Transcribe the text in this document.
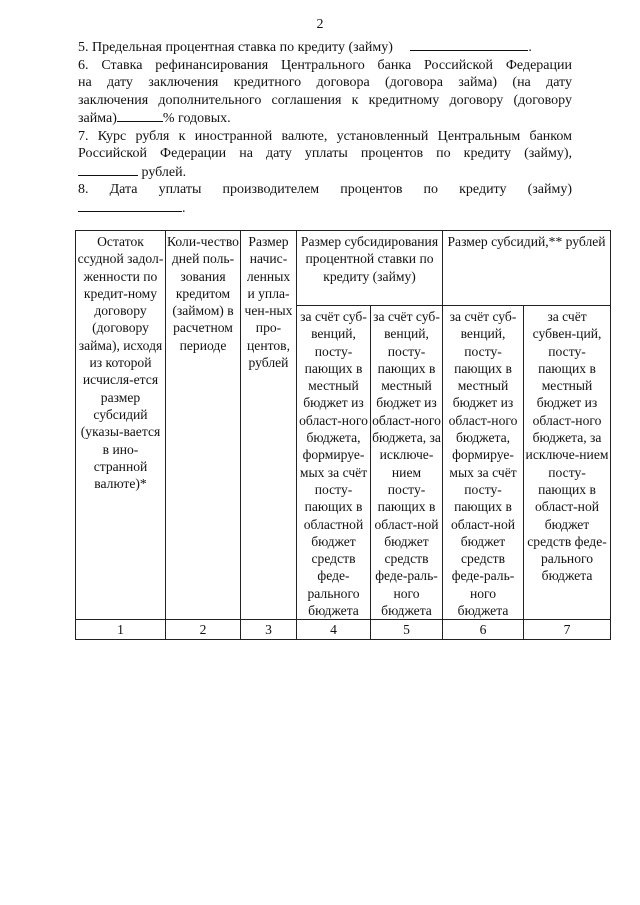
2

5. Предельная процентная ставка по кредиту (займу)	.

6. Ставка рефинансирования Центрального банка Российской Федерации

на дату заключения кредитного договора (договора займа) (на дату

заключения дополнительного соглашения к кредитному договору (договору

займа)	% годовых.

7. Курс рубля к иностранной валюте, установленный Центральным банком

Российской Федерации на дату уплаты процентов по кредиту (займу),

рублей.

8. Дата уплаты производителем процентов по кредиту (займу)

.

Остаток ссудной задол-женности по кредит-ному договору (договору займа), исходя из которой исчисля-ется размер субсидий (указы-вается в ино-странной валюте)*	Коли-чество дней поль-зования кредитом (займом) в расчетном периоде	Размер начис-ленных и упла-чен-ных про-центов, рублей	Размер субсидирования процентной ставки по кредиту (займу)		Размер субсидий,** рублей	
			за счёт суб-венций, посту-пающих в местный бюджет из област-ного бюджета, формируе-мых за счёт посту-пающих в областной бюджет средств феде-рального бюджета	за счёт суб-венций, посту-пающих в местный бюджет из област-ного бюджета, за исключе-нием посту-пающих в област-ной бюджет средств феде-раль-ного бюджета	за счёт суб-венций, посту-пающих в местный бюджет из област-ного бюджета, формируе-мых за счёт посту-пающих в област-ной бюджет средств феде-раль-ного бюджета	за счёт субвен-ций, посту-пающих в местный бюджет из област-ного бюджета, за исключе-нием посту-пающих в област-ной бюджет средств феде-рального бюджета
1	2	3	4	5	6	7
